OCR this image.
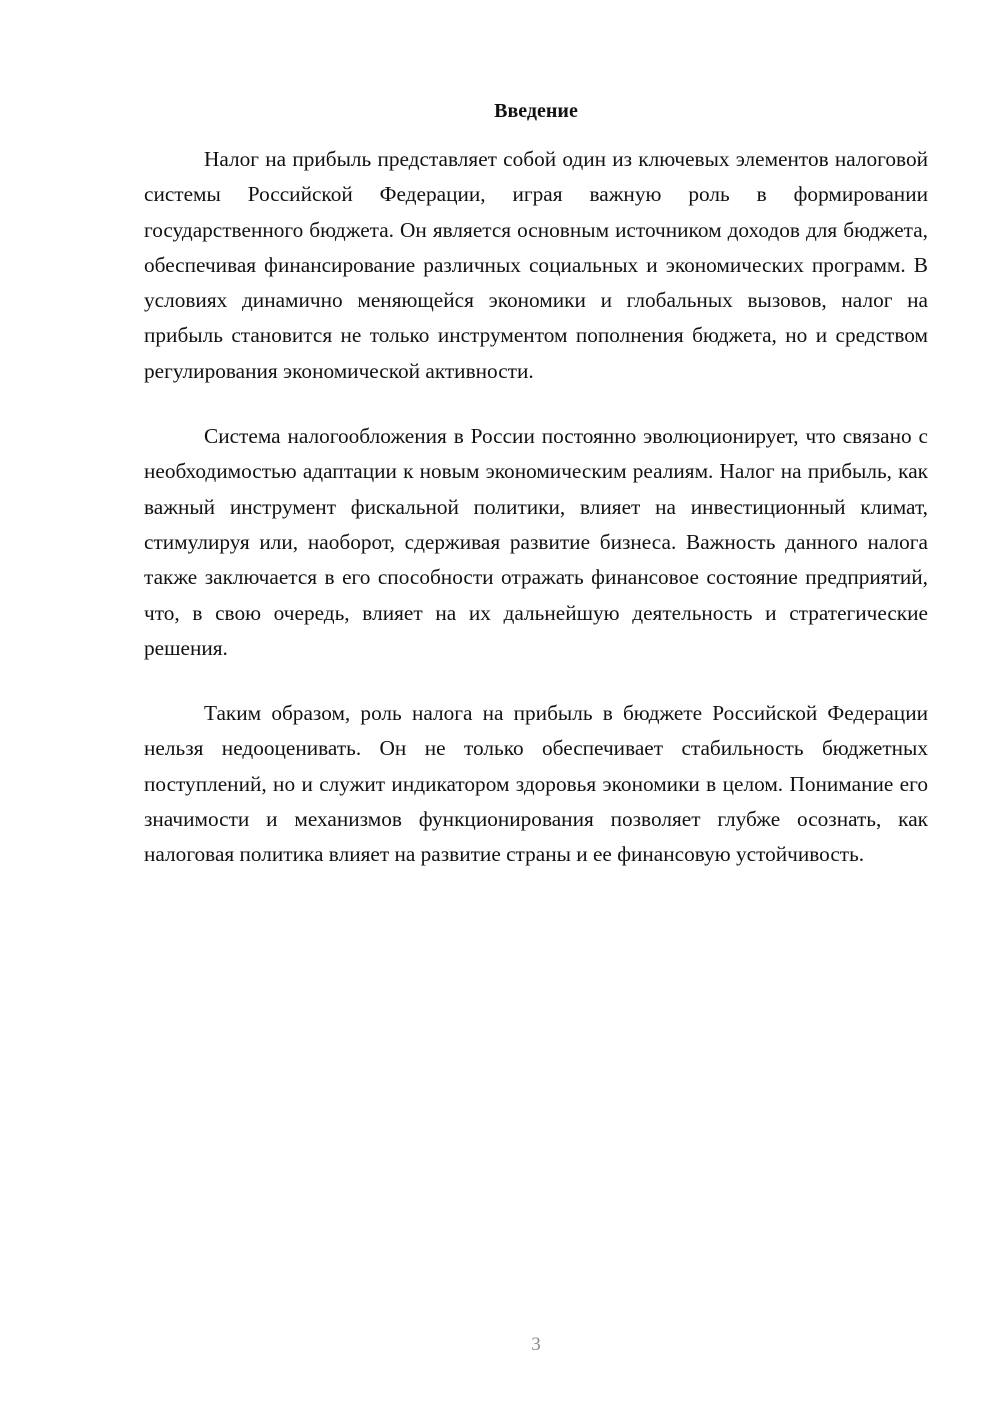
Введение

Налог на прибыль представляет собой один из ключевых элементов налоговой системы Российской Федерации, играя важную роль в формировании государственного бюджета. Он является основным источником доходов для бюджета, обеспечивая финансирование различных социальных и экономических программ. В условиях динамично меняющейся экономики и глобальных вызовов, налог на прибыль становится не только инструментом пополнения бюджета, но и средством регулирования экономической активности.

Система налогообложения в России постоянно эволюционирует, что связано с необходимостью адаптации к новым экономическим реалиям. Налог на прибыль, как важный инструмент фискальной политики, влияет на инвестиционный климат, стимулируя или, наоборот, сдерживая развитие бизнеса. Важность данного налога также заключается в его способности отражать финансовое состояние предприятий, что, в свою очередь, влияет на их дальнейшую деятельность и стратегические решения.

Таким образом, роль налога на прибыль в бюджете Российской Федерации нельзя недооценивать. Он не только обеспечивает стабильность бюджетных поступлений, но и служит индикатором здоровья экономики в целом. Понимание его значимости и механизмов функционирования позволяет глубже осознать, как налоговая политика влияет на развитие страны и ее финансовую устойчивость.

3
